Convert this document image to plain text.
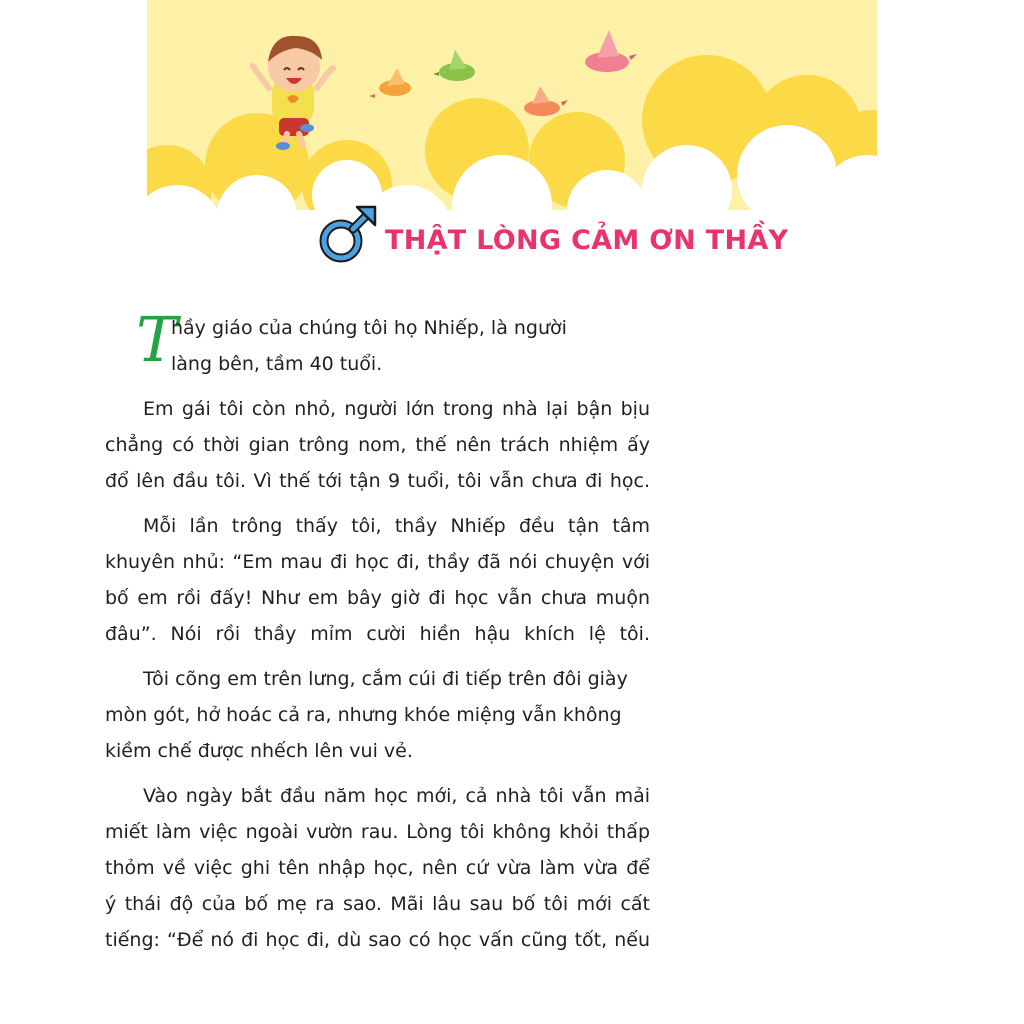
THẬT LÒNG CẢM ƠN THẦY
T

hầy giáo của chúng tôi họ Nhiếp, là người
làng bên, tầm 40 tuổi.

Em gái tôi còn nhỏ, người lớn trong nhà lại bận bịu
chẳng có thời gian trông nom, thế nên trách nhiệm ấy
đổ lên đầu tôi. Vì thế tới tận 9 tuổi, tôi vẫn chưa đi học.

Mỗi lần trông thấy tôi, thầy Nhiếp đều tận tâm
khuyên nhủ: “Em mau đi học đi, thầy đã nói chuyện với
bố em rồi đấy! Như em bây giờ đi học vẫn chưa muộn
đâu”. Nói rồi thầy mỉm cười hiền hậu khích lệ tôi.

Tôi cõng em trên lưng, cắm cúi đi tiếp trên đôi giày
mòn gót, hở hoác cả ra, nhưng khóe miệng vẫn không
kiềm chế được nhếch lên vui vẻ.

Vào ngày bắt đầu năm học mới, cả nhà tôi vẫn mải
miết làm việc ngoài vườn rau. Lòng tôi không khỏi thấp
thỏm về việc ghi tên nhập học, nên cứ vừa làm vừa để
ý thái độ của bố mẹ ra sao. Mãi lâu sau bố tôi mới cất
tiếng: “Để nó đi học đi, dù sao có học vấn cũng tốt, nếu
